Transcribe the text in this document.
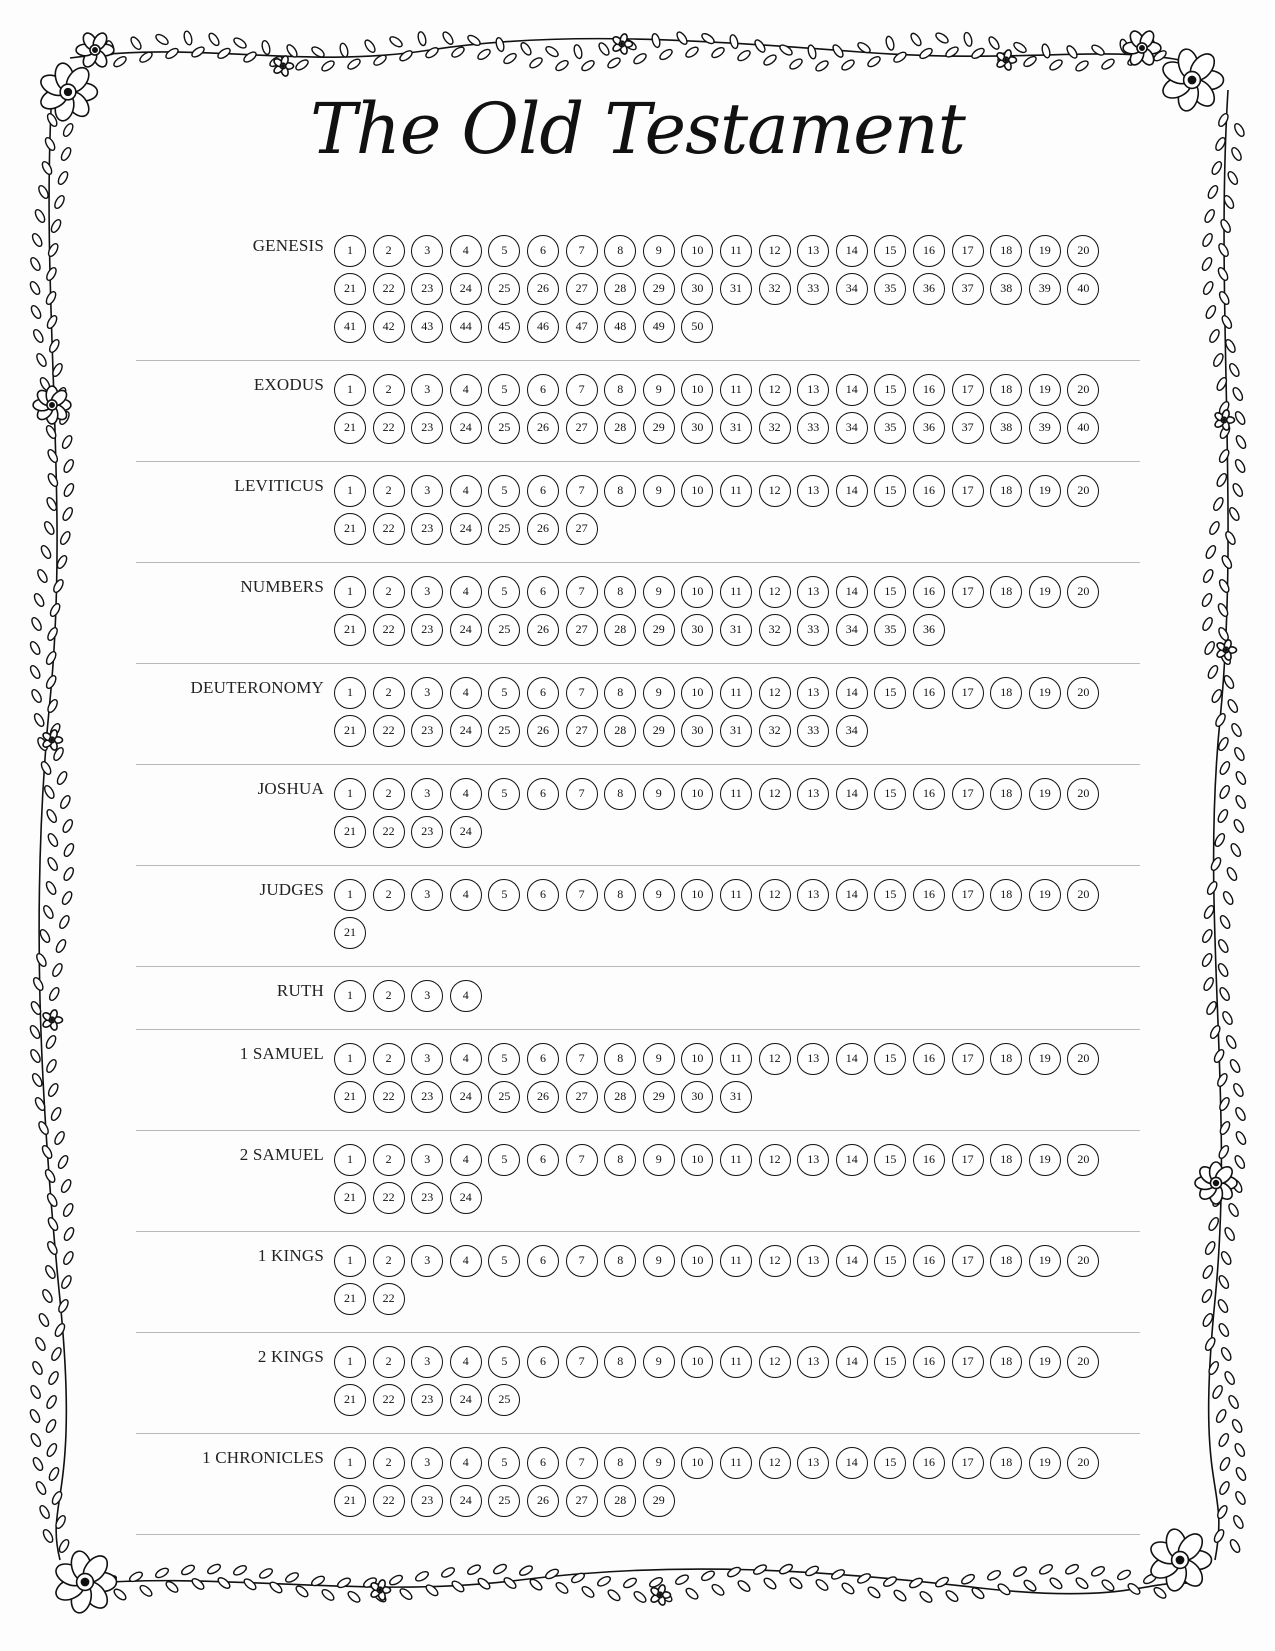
The Old Testament
GENESIS	1	2	3	4	5	6	7	8	9	10	11	12	13	14	15	16	17	18	19	20
21	22	23	24	25	26	27	28	29	30	31	32	33	34	35	36	37	38	39	40
41	42	43	44	45	46	47	48	49	50
EXODUS	1	2	3	4	5	6	7	8	9	10	11	12	13	14	15	16	17	18	19	20
21	22	23	24	25	26	27	28	29	30	31	32	33	34	35	36	37	38	39	40
LEVITICUS	1	2	3	4	5	6	7	8	9	10	11	12	13	14	15	16	17	18	19	20
21	22	23	24	25	26	27
NUMBERS	1	2	3	4	5	6	7	8	9	10	11	12	13	14	15	16	17	18	19	20
21	22	23	24	25	26	27	28	29	30	31	32	33	34	35	36
DEUTERONOMY	1	2	3	4	5	6	7	8	9	10	11	12	13	14	15	16	17	18	19	20
21	22	23	24	25	26	27	28	29	30	31	32	33	34
JOSHUA	1	2	3	4	5	6	7	8	9	10	11	12	13	14	15	16	17	18	19	20
21	22	23	24
JUDGES	1	2	3	4	5	6	7	8	9	10	11	12	13	14	15	16	17	18	19	20
21
RUTH	1	2	3	4
1 SAMUEL	1	2	3	4	5	6	7	8	9	10	11	12	13	14	15	16	17	18	19	20
21	22	23	24	25	26	27	28	29	30	31
2 SAMUEL	1	2	3	4	5	6	7	8	9	10	11	12	13	14	15	16	17	18	19	20
21	22	23	24
1 KINGS	1	2	3	4	5	6	7	8	9	10	11	12	13	14	15	16	17	18	19	20
21	22
2 KINGS	1	2	3	4	5	6	7	8	9	10	11	12	13	14	15	16	17	18	19	20
21	22	23	24	25
1 CHRONICLES	1	2	3	4	5	6	7	8	9	10	11	12	13	14	15	16	17	18	19	20
21	22	23	24	25	26	27	28	29
